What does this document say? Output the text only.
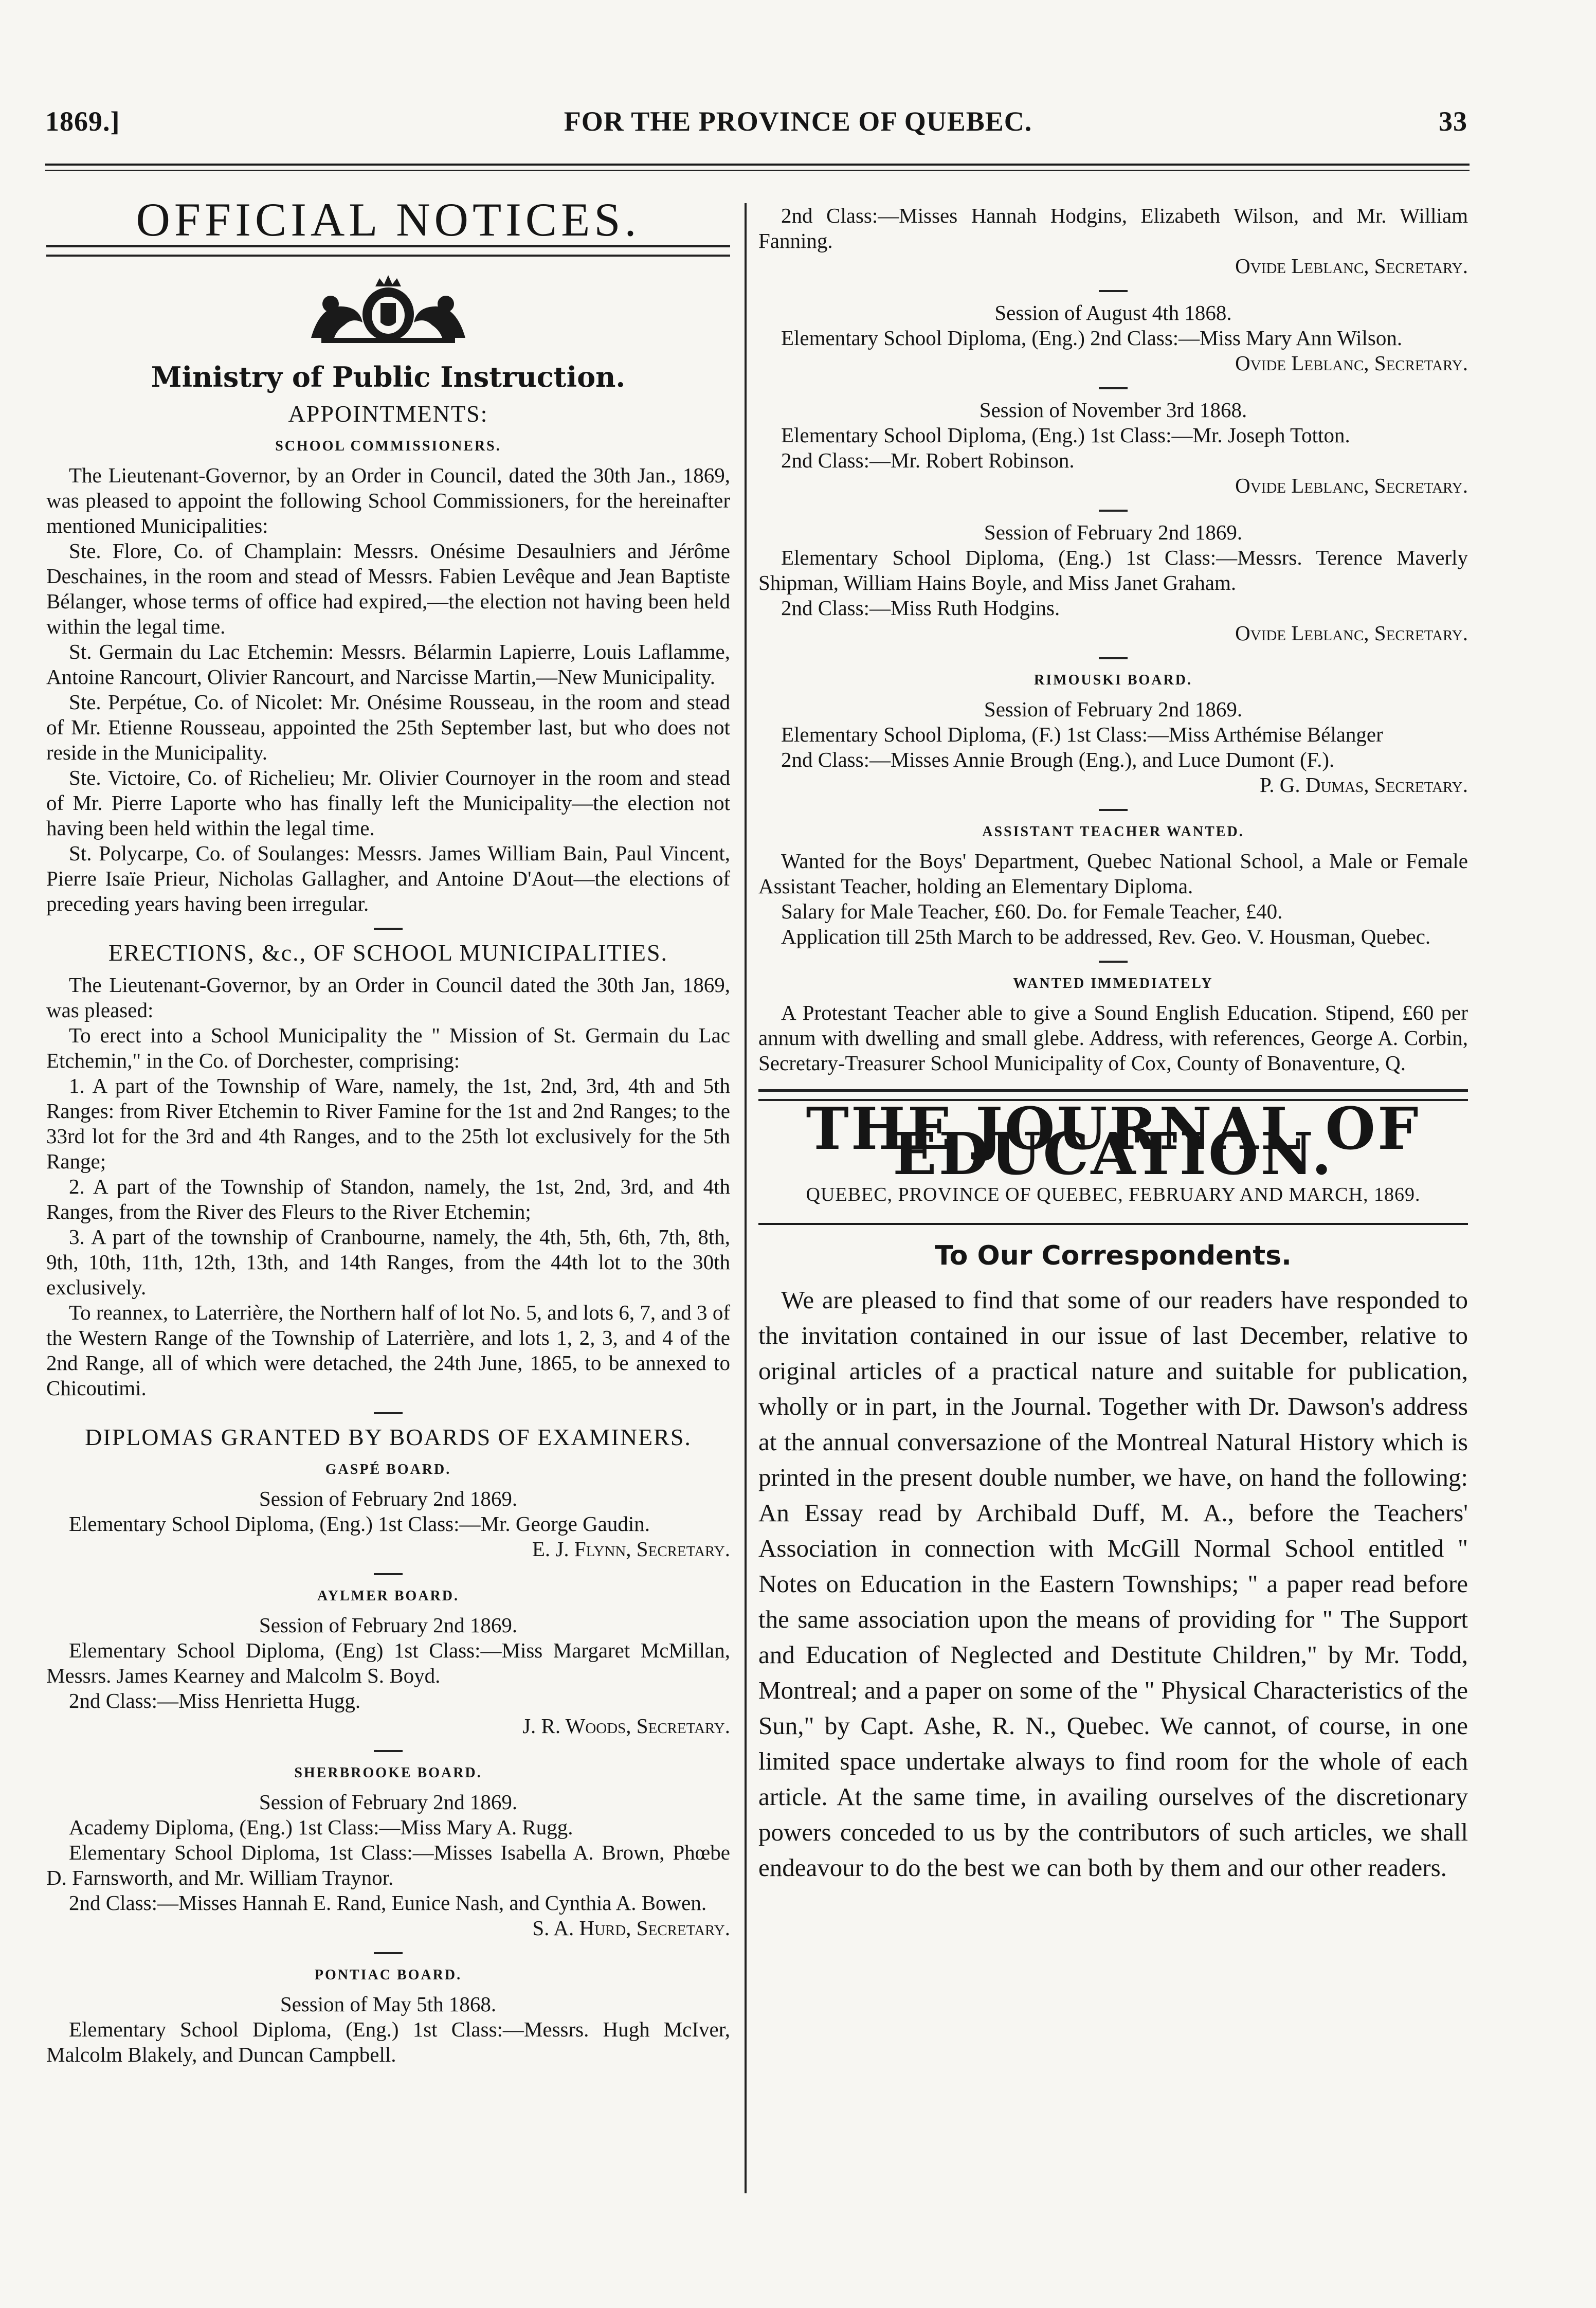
1869.]	FOR THE PROVINCE OF QUEBEC.	33
OFFICIAL NOTICES.
Ministry of Public Instruction.
APPOINTMENTS:
SCHOOL COMMISSIONERS.

The Lieutenant-Governor, by an Order in Council, dated the 30th Jan., 1869, was pleased to appoint the following School Commissioners, for the hereinafter mentioned Municipalities:

Ste. Flore, Co. of Champlain: Messrs. Onésime Desaulniers and Jérôme Deschaines, in the room and stead of Messrs. Fabien Levêque and Jean Baptiste Bélanger, whose terms of office had expired,—the election not having been held within the legal time.

St. Germain du Lac Etchemin: Messrs. Bélarmin Lapierre, Louis Laflamme, Antoine Rancourt, Olivier Rancourt, and Narcisse Martin,—New Municipality.

Ste. Perpétue, Co. of Nicolet: Mr. Onésime Rousseau, in the room and stead of Mr. Etienne Rousseau, appointed the 25th September last, but who does not reside in the Municipality.

Ste. Victoire, Co. of Richelieu; Mr. Olivier Cournoyer in the room and stead of Mr. Pierre Laporte who has finally left the Municipality—the election not having been held within the legal time.

St. Polycarpe, Co. of Soulanges: Messrs. James William Bain, Paul Vincent, Pierre Isaïe Prieur, Nicholas Gallagher, and Antoine D'Aout—the elections of preceding years having been irregular.

ERECTIONS, &c., OF SCHOOL MUNICIPALITIES.

The Lieutenant-Governor, by an Order in Council dated the 30th Jan, 1869, was pleased:

To erect into a School Municipality the " Mission of St. Germain du Lac Etchemin," in the Co. of Dorchester, comprising:

1. A part of the Township of Ware, namely, the 1st, 2nd, 3rd, 4th and 5th Ranges: from River Etchemin to River Famine for the 1st and 2nd Ranges; to the 33rd lot for the 3rd and 4th Ranges, and to the 25th lot exclusively for the 5th Range;

2. A part of the Township of Standon, namely, the 1st, 2nd, 3rd, and 4th Ranges, from the River des Fleurs to the River Etchemin;

3. A part of the township of Cranbourne, namely, the 4th, 5th, 6th, 7th, 8th, 9th, 10th, 11th, 12th, 13th, and 14th Ranges, from the 44th lot to the 30th exclusively.

To reannex, to Laterrière, the Northern half of lot No. 5, and lots 6, 7, and 3 of the Western Range of the Township of Laterrière, and lots 1, 2, 3, and 4 of the 2nd Range, all of which were detached, the 24th June, 1865, to be annexed to Chicoutimi.

DIPLOMAS GRANTED BY BOARDS OF EXAMINERS.
GASPÉ BOARD.

Session of February 2nd 1869.

Elementary School Diploma, (Eng.) 1st Class:—Mr. George Gaudin.

E. J. Flynn, Secretary.

AYLMER BOARD.

Session of February 2nd 1869.

Elementary School Diploma, (Eng) 1st Class:—Miss Margaret McMillan, Messrs. James Kearney and Malcolm S. Boyd.

2nd Class:—Miss Henrietta Hugg.

J. R. Woods, Secretary.

SHERBROOKE BOARD.

Session of February 2nd 1869.

Academy Diploma, (Eng.) 1st Class:—Miss Mary A. Rugg.

Elementary School Diploma, 1st Class:—Misses Isabella A. Brown, Phœbe D. Farnsworth, and Mr. William Traynor.

2nd Class:—Misses Hannah E. Rand, Eunice Nash, and Cynthia A. Bowen.

S. A. Hurd, Secretary.

PONTIAC BOARD.

Session of May 5th 1868.

Elementary School Diploma, (Eng.) 1st Class:—Messrs. Hugh McIver, Malcolm Blakely, and Duncan Campbell.

2nd Class:—Misses Hannah Hodgins, Elizabeth Wilson, and Mr. William Fanning.

Ovide Leblanc, Secretary.

Session of August 4th 1868.

Elementary School Diploma, (Eng.) 2nd Class:—Miss Mary Ann Wilson.

Ovide Leblanc, Secretary.

Session of November 3rd 1868.

Elementary School Diploma, (Eng.) 1st Class:—Mr. Joseph Totton.

2nd Class:—Mr. Robert Robinson.

Ovide Leblanc, Secretary.

Session of February 2nd 1869.

Elementary School Diploma, (Eng.) 1st Class:—Messrs. Terence Maverly Shipman, William Hains Boyle, and Miss Janet Graham.

2nd Class:—Miss Ruth Hodgins.

Ovide Leblanc, Secretary.

RIMOUSKI BOARD.

Session of February 2nd 1869.

Elementary School Diploma, (F.) 1st Class:—Miss Arthémise Bélanger

2nd Class:—Misses Annie Brough (Eng.), and Luce Dumont (F.).

P. G. Dumas, Secretary.

ASSISTANT TEACHER WANTED.

Wanted for the Boys' Department, Quebec National School, a Male or Female Assistant Teacher, holding an Elementary Diploma.

Salary for Male Teacher, £60. Do. for Female Teacher, £40.

Application till 25th March to be addressed, Rev. Geo. V. Housman, Quebec.

WANTED IMMEDIATELY

A Protestant Teacher able to give a Sound English Education. Stipend, £60 per annum with dwelling and small glebe. Address, with references, George A. Corbin, Secretary-Treasurer School Municipality of Cox, County of Bonaventure, Q.

THE JOURNAL OF EDUCATION.
QUEBEC, PROVINCE OF QUEBEC, FEBRUARY AND MARCH, 1869.
To Our Correspondents.

We are pleased to find that some of our readers have responded to the invitation contained in our issue of last December, relative to original articles of a practical nature and suitable for publication, wholly or in part, in the Journal. Together with Dr. Dawson's address at the annual conversazione of the Montreal Natural History which is printed in the present double number, we have, on hand the following: An Essay read by Archibald Duff, M. A., before the Teachers' Association in connection with McGill Normal School entitled " Notes on Education in the Eastern Townships; " a paper read before the same association upon the means of providing for " The Support and Education of Neglected and Destitute Children," by Mr. Todd, Montreal; and a paper on some of the " Physical Characteristics of the Sun," by Capt. Ashe, R. N., Quebec. We cannot, of course, in one limited space undertake always to find room for the whole of each article. At the same time, in availing ourselves of the discretionary powers conceded to us by the contributors of such articles, we shall endeavour to do the best we can both by them and our other readers.
